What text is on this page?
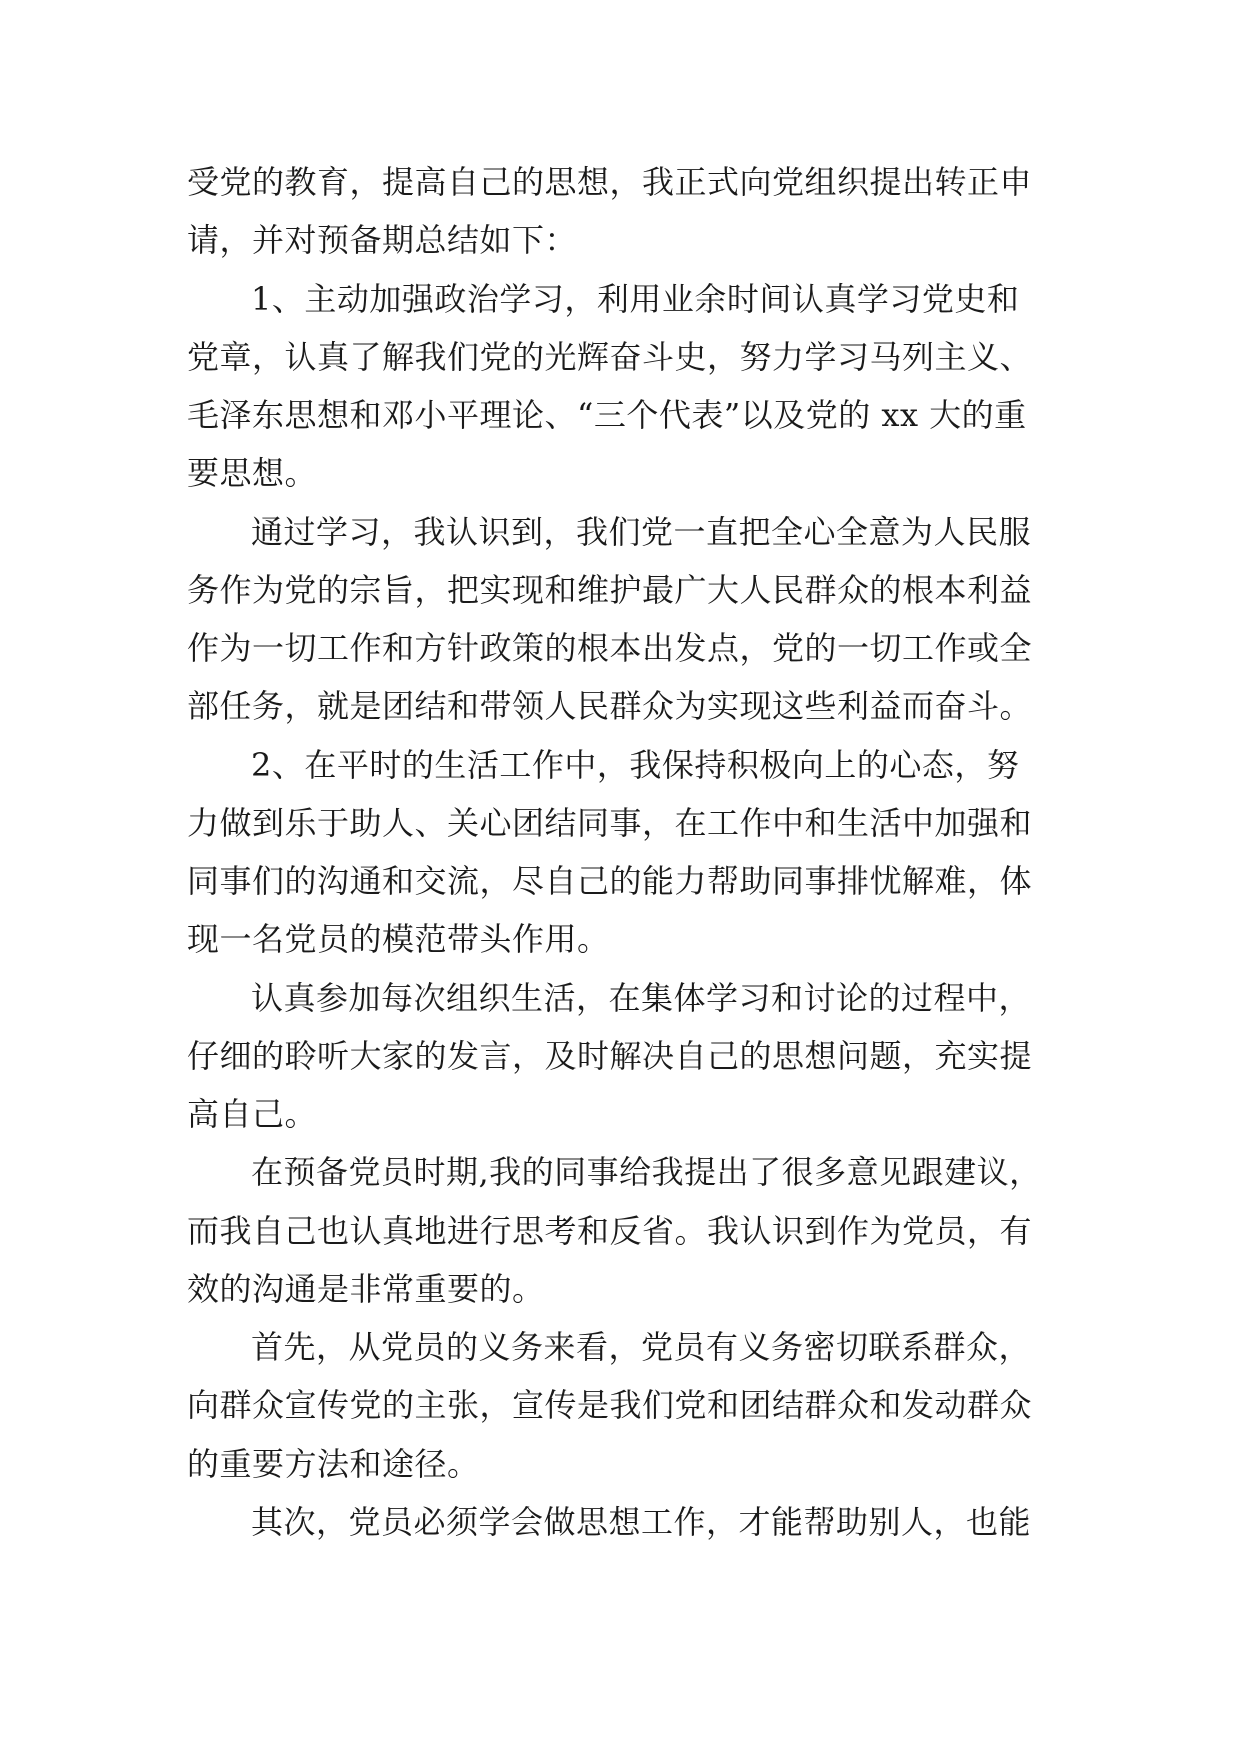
受党的教育，提高自己的思想，我正式向党组织提出转正申
请，并对预备期总结如下：
1、主动加强政治学习，利用业余时间认真学习党史和
党章，认真了解我们党的光辉奋斗史，努力学习马列主义、
毛泽东思想和邓小平理论、“三个代表”以及党的 xx 大的重
要思想。
通过学习，我认识到，我们党一直把全心全意为人民服
务作为党的宗旨，把实现和维护最广大人民群众的根本利益
作为一切工作和方针政策的根本出发点，党的一切工作或全
部任务，就是团结和带领人民群众为实现这些利益而奋斗。
2、在平时的生活工作中，我保持积极向上的心态，努
力做到乐于助人、关心团结同事，在工作中和生活中加强和
同事们的沟通和交流，尽自己的能力帮助同事排忧解难，体
现一名党员的模范带头作用。
认真参加每次组织生活，在集体学习和讨论的过程中，
仔细的聆听大家的发言，及时解决自己的思想问题，充实提
高自己。
在预备党员时期,我的同事给我提出了很多意见跟建议，
而我自己也认真地进行思考和反省。我认识到作为党员，有
效的沟通是非常重要的。
首先，从党员的义务来看，党员有义务密切联系群众，
向群众宣传党的主张，宣传是我们党和团结群众和发动群众
的重要方法和途径。
其次，党员必须学会做思想工作，才能帮助别人，也能
